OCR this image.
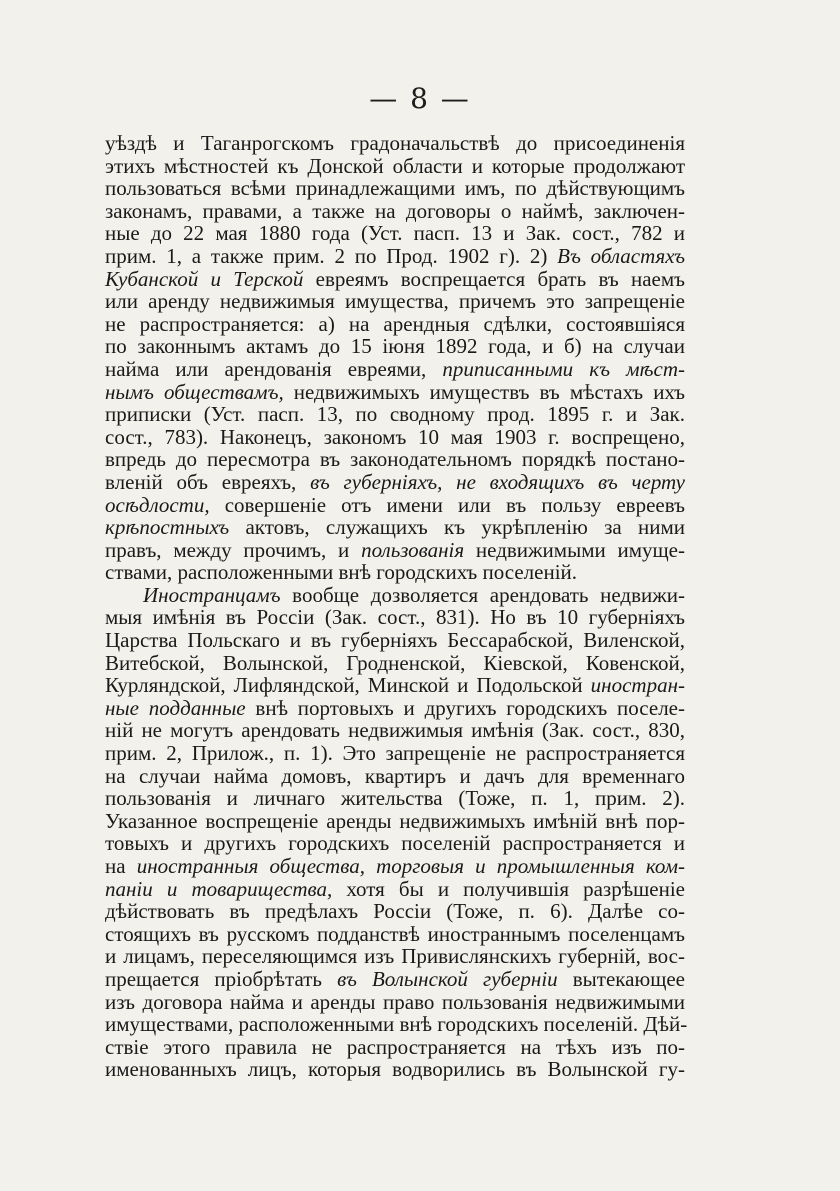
— 8 —
уѣздѣ и Таганрогскомъ градоначальствѣ до присоединенія
этихъ мѣстностей къ Донской области и которые продолжают
пользоваться всѣми принадлежащими имъ, по дѣйствующимъ
законамъ, правами, а также на договоры о наймѣ, заключен-
ные до 22 мая 1880 года (Уст. пасп. 13 и Зак. сост., 782 и
прим. 1, а также прим. 2 по Прод. 1902 г). 2) Въ областяхъ
Кубанской и Терской евреямъ воспрещается брать въ наемъ
или аренду недвижимыя имущества, причемъ это запрещеніе
не распространяется: а) на арендныя сдѣлки, состоявшіяся
по законнымъ актамъ до 15 іюня 1892 года, и б) на случаи
найма или арендованія евреями, приписанными къ мѣст-
нымъ обществамъ, недвижимыхъ имуществъ въ мѣстахъ ихъ
приписки (Уст. пасп. 13, по сводному прод. 1895 г. и Зак.
сост., 783). Наконецъ, закономъ 10 мая 1903 г. воспрещено,
впредь до пересмотра въ законодательномъ порядкѣ постано-
вленій объ евреяхъ, въ губерніяхъ, не входящихъ въ черту
осѣдлости, совершеніе отъ имени или въ пользу евреевъ
крѣпостныхъ актовъ, служащихъ къ укрѣпленію за ними
правъ, между прочимъ, и пользованія недвижимыми имуще-
ствами, расположенными внѣ городскихъ поселеній.
Иностранцамъ вообще дозволяется арендовать недвижи-
мыя имѣнія въ Россіи (Зак. сост., 831). Но въ 10 губерніяхъ
Царства Польскаго и въ губерніяхъ Бессарабской, Виленской,
Витебской, Волынской, Гродненской, Кіевской, Ковенской,
Курляндской, Лифляндской, Минской и Подольской иностран-
ные подданные внѣ портовыхъ и другихъ городскихъ поселе-
ній не могутъ арендовать недвижимыя имѣнія (Зак. сост., 830,
прим. 2, Прилож., п. 1). Это запрещеніе не распространяется
на случаи найма домовъ, квартиръ и дачъ для временнаго
пользованія и личнаго жительства (Тоже, п. 1, прим. 2).
Указанное воспрещеніе аренды недвижимыхъ имѣній внѣ пор-
товыхъ и другихъ городскихъ поселеній распространяется и
на иностранныя общества, торговыя и промышленныя ком-
паніи и товарищества, хотя бы и получившія разрѣшеніе
дѣйствовать въ предѣлахъ Россіи (Тоже, п. 6). Далѣе со-
стоящихъ въ русскомъ подданствѣ иностраннымъ поселенцамъ
и лицамъ, переселяющимся изъ Привислянскихъ губерній, вос-
прещается пріобрѣтать въ Волынской губерніи вытекающее
изъ договора найма и аренды право пользованія недвижимыми
имуществами, расположенными внѣ городскихъ поселеній. Дѣй-
ствіе этого правила не распространяется на тѣхъ изъ по-
именованныхъ лицъ, которыя водворились въ Волынской гу-
